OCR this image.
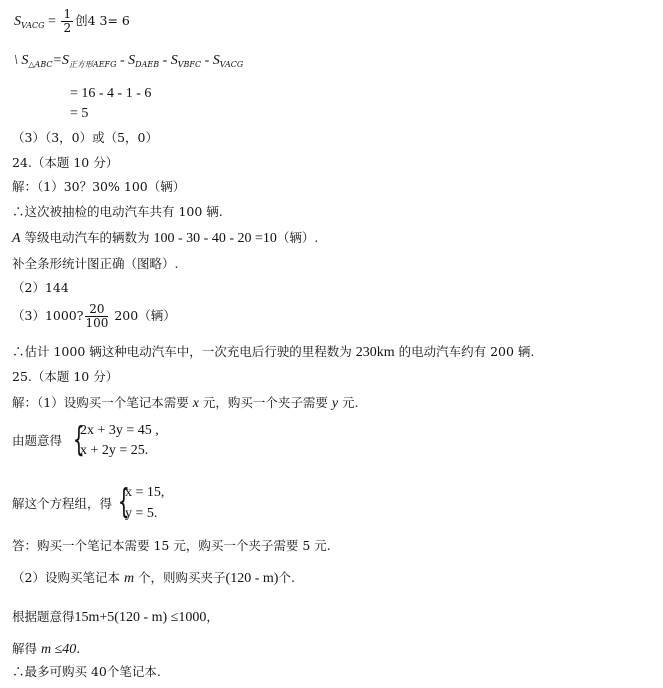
$S_{VACG} = \frac{1}{2}$ 创4 3= 6
\ $S_{\triangle ABC}=S_{正方形AEFG} - S_{DAEB} - S_{VBFC} - S_{VACG}$
= 16 - 4 - 1 - 6
= 5
（3）（3，0）或（5，0）
24.（本题 10 分）
解：（1）30？30% 100（辆）
∴这次被抽检的电动汽车共有 100 辆.
A 等级电动汽车的辆数为 100 - 30 - 40 - 20 =10（辆）.
补全条形统计图正确（图略）.
（2）144
（3）1000? $\frac{20}{100} 200$（辆）
∴估计 1000 辆这种电动汽车中，一次充电后行驶的里程数为 230km 的电动汽车约有 200 辆.
25.（本题 10 分）
解：（1）设购买一个笔记本需要 x 元，购买一个夹子需要 y 元.
由题意得 {
2x + 3y = 45 ,
x + 2y = 25.
解这个方程组，得 {
x = 15,
y = 5.
答：购买一个笔记本需要 15 元，购买一个夹子需要 5 元.
（2）设购买笔记本 m 个，则购买夹子(120 - m)个.
根据题意得15m+5(120 - m) ≤1000，
解得 m ≤40.
∴最多可购买 40个笔记本.
